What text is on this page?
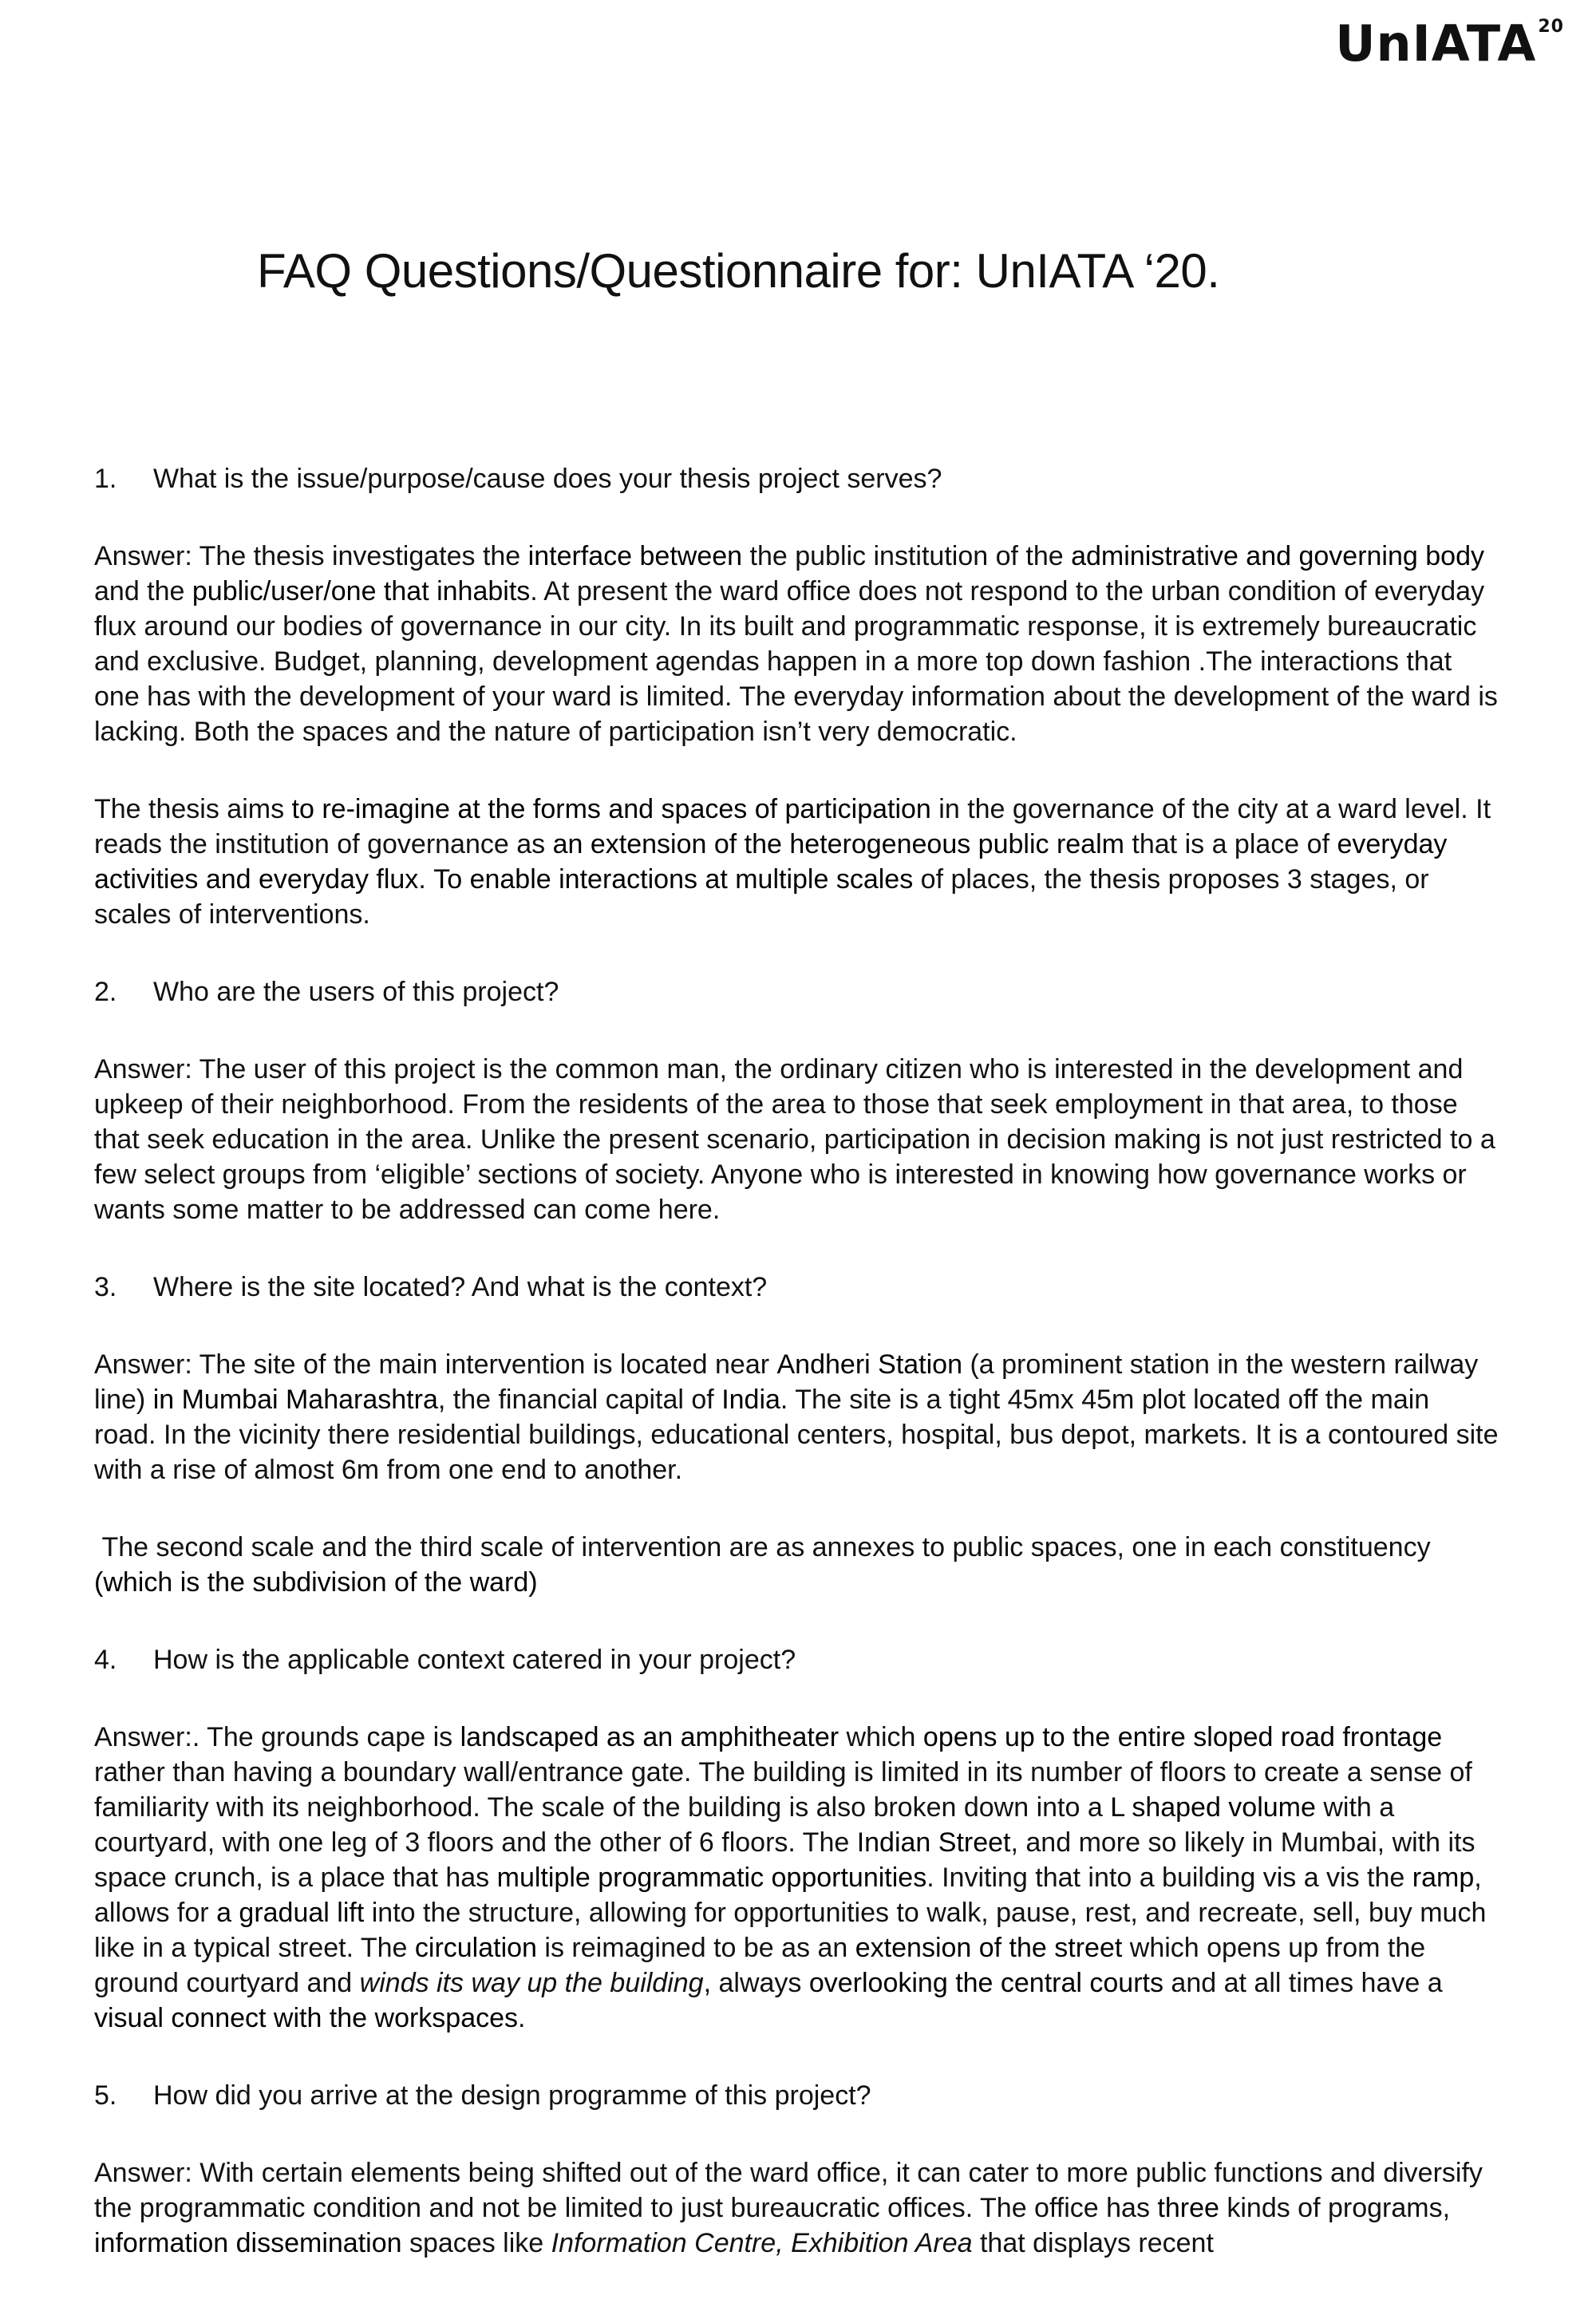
UnIATA$^{20}$
FAQ Questions/Questionnaire for: UnIATA ‘20.
1.	What is the issue/purpose/cause does your thesis project serves?

Answer: The thesis investigates the interface between the public institution of the administrative and governing body and the public/user/one that inhabits. At present the ward office does not respond to the urban condition of everyday flux around our bodies of governance in our city. In its built and programmatic response, it is extremely bureaucratic and exclusive. Budget, planning, development agendas happen in a more top down fashion .The interactions that one has with the development of your ward is limited. The everyday information about the development of the ward is lacking. Both the spaces and the nature of participation isn’t very democratic.

The thesis aims to re-imagine at the forms and spaces of participation in the governance of the city at a ward level. It reads the institution of governance as an extension of the heterogeneous public realm that is a place of everyday activities and everyday flux. To enable interactions at multiple scales of places, the thesis proposes 3 stages, or scales of interventions.

2.	Who are the users of this project?

Answer: The user of this project is the common man, the ordinary citizen who is interested in the development and upkeep of their neighborhood. From the residents of the area to those that seek employment in that area, to those that seek education in the area. Unlike the present scenario, participation in decision making is not just restricted to a few select groups from ‘eligible’ sections of society. Anyone who is interested in knowing how governance works or wants some matter to be addressed can come here.

3.	Where is the site located? And what is the context?

Answer: The site of the main intervention is located near Andheri Station (a prominent station in the western railway line) in Mumbai Maharashtra, the financial capital of India. The site is a tight 45mx 45m plot located off the main road. In the vicinity there residential buildings, educational centers, hospital, bus depot, markets. It is a contoured site with a rise of almost 6m from one end to another.

The second scale and the third scale of intervention are as annexes to public spaces, one in each constituency (which is the subdivision of the ward)

4.	How is the applicable context catered in your project?

Answer:. The grounds cape is landscaped as an amphitheater which opens up to the entire sloped road frontage rather than having a boundary wall/entrance gate. The building is limited in its number of floors to create a sense of familiarity with its neighborhood. The scale of the building is also broken down into a L shaped volume with a courtyard, with one leg of 3 floors and the other of 6 floors. The Indian Street, and more so likely in Mumbai, with its space crunch, is a place that has multiple programmatic opportunities. Inviting that into a building vis a vis the ramp, allows for a gradual lift into the structure, allowing for opportunities to walk, pause, rest, and recreate, sell, buy much like in a typical street. The circulation is reimagined to be as an extension of the street which opens up from the ground courtyard and winds its way up the building, always overlooking the central courts and at all times have a visual connect with the workspaces.

5.	How did you arrive at the design programme of this project?

Answer: With certain elements being shifted out of the ward office, it can cater to more public functions and diversify the programmatic condition and not be limited to just bureaucratic offices. The office has three kinds of programs, information dissemination spaces like Information Centre, Exhibition Area that displays recent
